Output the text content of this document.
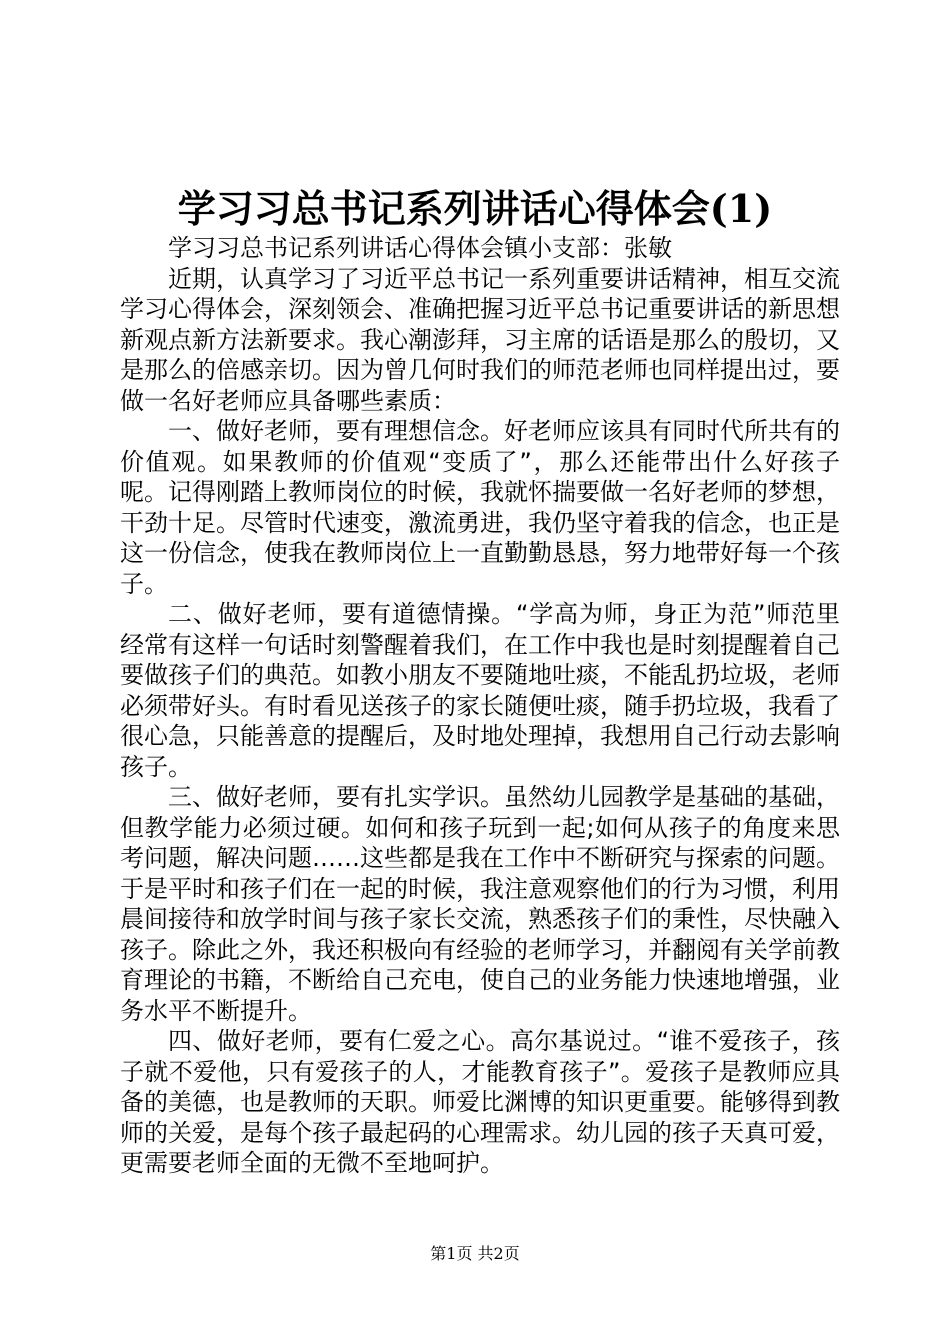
学习习总书记系列讲话心得体会(1)

学习习总书记系列讲话心得体会镇小支部：张敏

近期，认真学习了习近平总书记一系列重要讲话精神，相互交流学习心得体会，深刻领会、准确把握习近平总书记重要讲话的新思想新观点新方法新要求。我心潮澎拜，习主席的话语是那么的殷切，又是那么的倍感亲切。因为曾几何时我们的师范老师也同样提出过，要做一名好老师应具备哪些素质：

一、做好老师，要有理想信念。好老师应该具有同时代所共有的价值观。如果教师的价值观“变质了”，那么还能带出什么好孩子呢。记得刚踏上教师岗位的时候，我就怀揣要做一名好老师的梦想，干劲十足。尽管时代速变，激流勇进，我仍坚守着我的信念，也正是这一份信念，使我在教师岗位上一直勤勤恳恳，努力地带好每一个孩子。

二、做好老师，要有道德情操。“学高为师，身正为范”师范里经常有这样一句话时刻警醒着我们，在工作中我也是时刻提醒着自己要做孩子们的典范。如教小朋友不要随地吐痰，不能乱扔垃圾，老师必须带好头。有时看见送孩子的家长随便吐痰，随手扔垃圾，我看了很心急，只能善意的提醒后，及时地处理掉，我想用自己行动去影响孩子。

三、做好老师，要有扎实学识。虽然幼儿园教学是基础的基础，但教学能力必须过硬。如何和孩子玩到一起;如何从孩子的角度来思考问题，解决问题……这些都是我在工作中不断研究与探索的问题。于是平时和孩子们在一起的时候，我注意观察他们的行为习惯，利用晨间接待和放学时间与孩子家长交流，熟悉孩子们的秉性，尽快融入孩子。除此之外，我还积极向有经验的老师学习，并翻阅有关学前教育理论的书籍，不断给自己充电，使自己的业务能力快速地增强，业务水平不断提升。

四、做好老师，要有仁爱之心。高尔基说过。“谁不爱孩子，孩子就不爱他，只有爱孩子的人，才能教育孩子”。爱孩子是教师应具备的美德，也是教师的天职。师爱比渊博的知识更重要。能够得到教师的关爱，是每个孩子最起码的心理需求。幼儿园的孩子天真可爱，更需要老师全面的无微不至地呵护。

第1页 共2页
